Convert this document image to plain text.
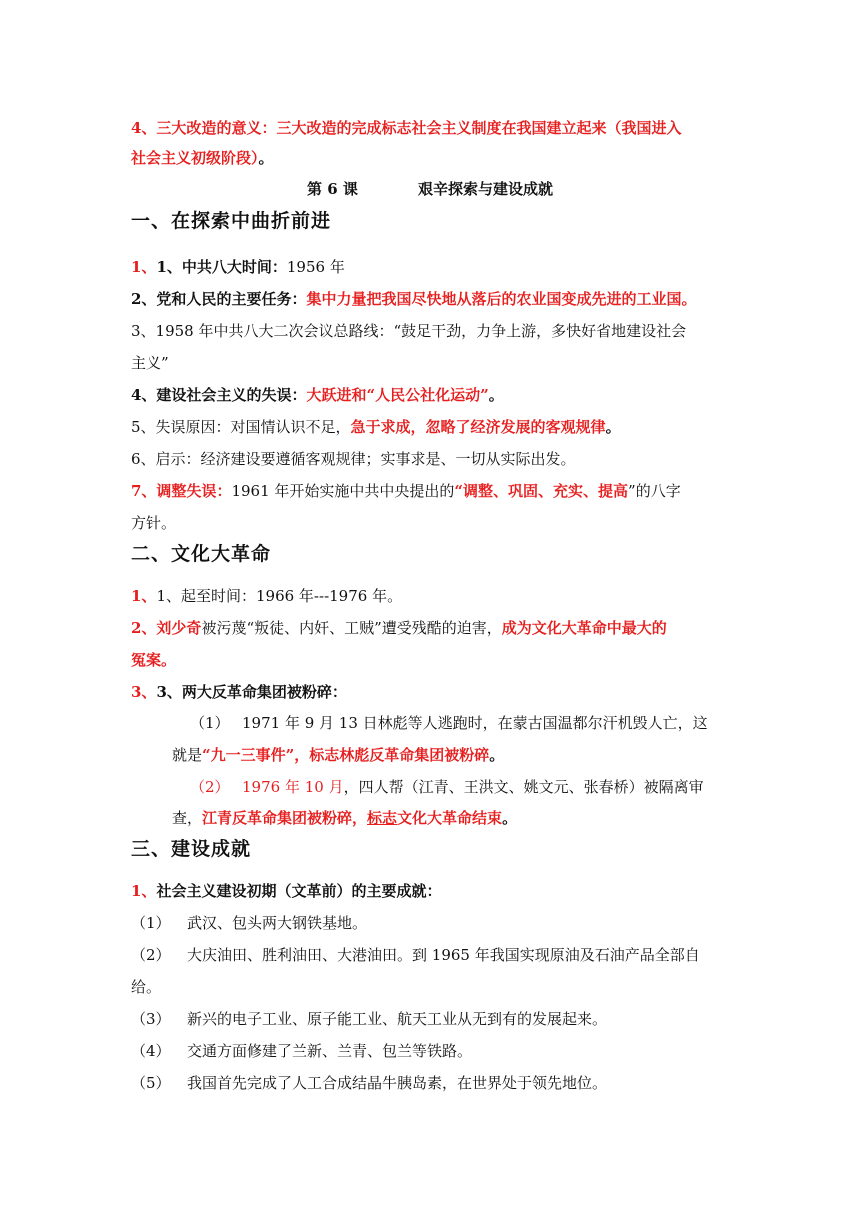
4、三大改造的意义：三大改造的完成标志社会主义制度在我国建立起来（我国进入
社会主义初级阶段）。
第 6 课	艰辛探索与建设成就
一、在探索中曲折前进
1、1、中共八大时间：1956 年
2、党和人民的主要任务：集中力量把我国尽快地从落后的农业国变成先进的工业国。
3、1958 年中共八大二次会议总路线：“鼓足干劲，力争上游，多快好省地建设社会
主义”
4、建设社会主义的失误：大跃进和“人民公社化运动”。
5、失误原因：对国情认识不足，急于求成，忽略了经济发展的客观规律。
6、启示：经济建设要遵循客观规律；实事求是、一切从实际出发。
7、调整失误：1961 年开始实施中共中央提出的“调整、巩固、充实、提高”的八字
方针。
二、文化大革命
1、1、起至时间：1966 年---1976 年。
2、刘少奇被污蔑“叛徒、内奸、工贼”遭受残酷的迫害，成为文化大革命中最大的
冤案。
3、3、两大反革命集团被粉碎：
（1） 1971 年 9 月 13 日林彪等人逃跑时，在蒙古国温都尔汗机毁人亡，这
就是“九一三事件”，标志林彪反革命集团被粉碎。
（2） 1976 年 10 月，四人帮（江青、王洪文、姚文元、张春桥）被隔离审
查，江青反革命集团被粉碎，标志文化大革命结束。
三、建设成就
1、社会主义建设初期（文革前）的主要成就：
（1） 武汉、包头两大钢铁基地。
（2） 大庆油田、胜利油田、大港油田。到 1965 年我国实现原油及石油产品全部自
给。
（3） 新兴的电子工业、原子能工业、航天工业从无到有的发展起来。
（4） 交通方面修建了兰新、兰青、包兰等铁路。
（5） 我国首先完成了人工合成结晶牛胰岛素，在世界处于领先地位。
